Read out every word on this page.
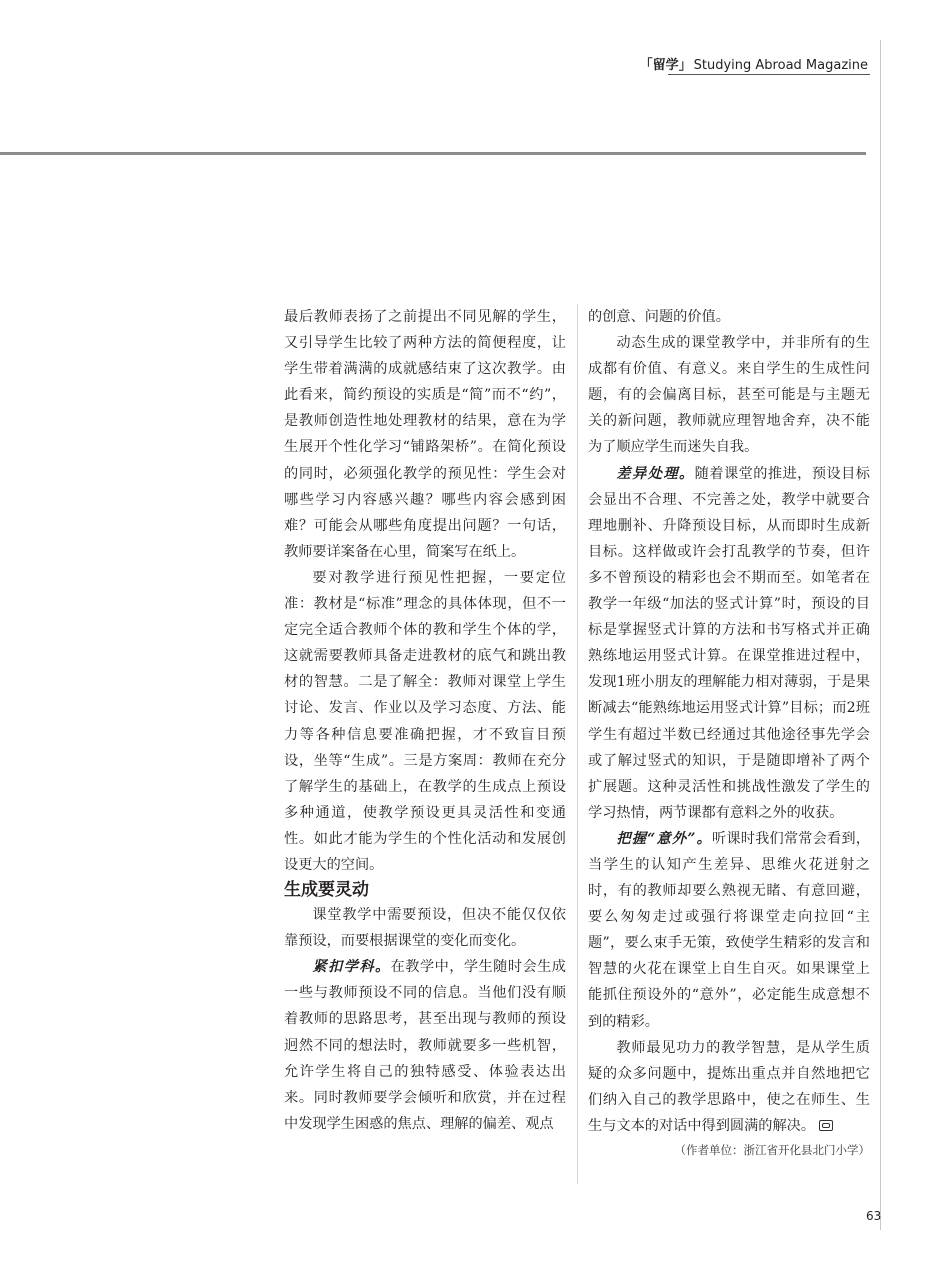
「留学」 Studying Abroad Magazine

最后教师表扬了之前提出不同见解的学生，又引导学生比较了两种方法的简便程度，让学生带着满满的成就感结束了这次教学。由此看来，简约预设的实质是“简”而不“约”，是教师创造性地处理教材的结果，意在为学生展开个性化学习“铺路架桥”。在简化预设的同时，必须强化教学的预见性：学生会对哪些学习内容感兴趣？哪些内容会感到困难？可能会从哪些角度提出问题？一句话，教师要详案备在心里，简案写在纸上。

要对教学进行预见性把握，一要定位准：教材是“标准”理念的具体体现，但不一定完全适合教师个体的教和学生个体的学，这就需要教师具备走进教材的底气和跳出教材的智慧。二是了解全：教师对课堂上学生讨论、发言、作业以及学习态度、方法、能力等各种信息要准确把握，才不致盲目预设，坐等“生成”。三是方案周：教师在充分了解学生的基础上，在教学的生成点上预设多种通道，使教学预设更具灵活性和变通性。如此才能为学生的个性化活动和发展创设更大的空间。

生成要灵动

课堂教学中需要预设，但决不能仅仅依靠预设，而要根据课堂的变化而变化。

紧扣学科。在教学中，学生随时会生成一些与教师预设不同的信息。当他们没有顺着教师的思路思考，甚至出现与教师的预设迥然不同的想法时，教师就要多一些机智，允许学生将自己的独特感受、体验表达出来。同时教师要学会倾听和欣赏，并在过程中发现学生困惑的焦点、理解的偏差、观点

的创意、问题的价值。

动态生成的课堂教学中，并非所有的生成都有价值、有意义。来自学生的生成性问题，有的会偏离目标，甚至可能是与主题无关的新问题，教师就应理智地舍弃，决不能为了顺应学生而迷失自我。

差异处理。随着课堂的推进，预设目标会显出不合理、不完善之处，教学中就要合理地删补、升降预设目标，从而即时生成新目标。这样做或许会打乱教学的节奏，但许多不曾预设的精彩也会不期而至。如笔者在教学一年级“加法的竖式计算”时，预设的目标是掌握竖式计算的方法和书写格式并正确熟练地运用竖式计算。在课堂推进过程中，发现1班小朋友的理解能力相对薄弱，于是果断减去“能熟练地运用竖式计算”目标；而2班学生有超过半数已经通过其他途径事先学会或了解过竖式的知识，于是随即增补了两个扩展题。这种灵活性和挑战性激发了学生的学习热情，两节课都有意料之外的收获。

把握“意外”。听课时我们常常会看到，当学生的认知产生差异、思维火花迸射之时，有的教师却要么熟视无睹、有意回避，要么匆匆走过或强行将课堂走向拉回“主题”，要么束手无策，致使学生精彩的发言和智慧的火花在课堂上自生自灭。如果课堂上能抓住预设外的“意外”，必定能生成意想不到的精彩。

教师最见功力的教学智慧，是从学生质疑的众多问题中，提炼出重点并自然地把它们纳入自己的教学思路中，使之在师生、生生与文本的对话中得到圆满的解决。

（作者单位：浙江省开化县北门小学）

63
